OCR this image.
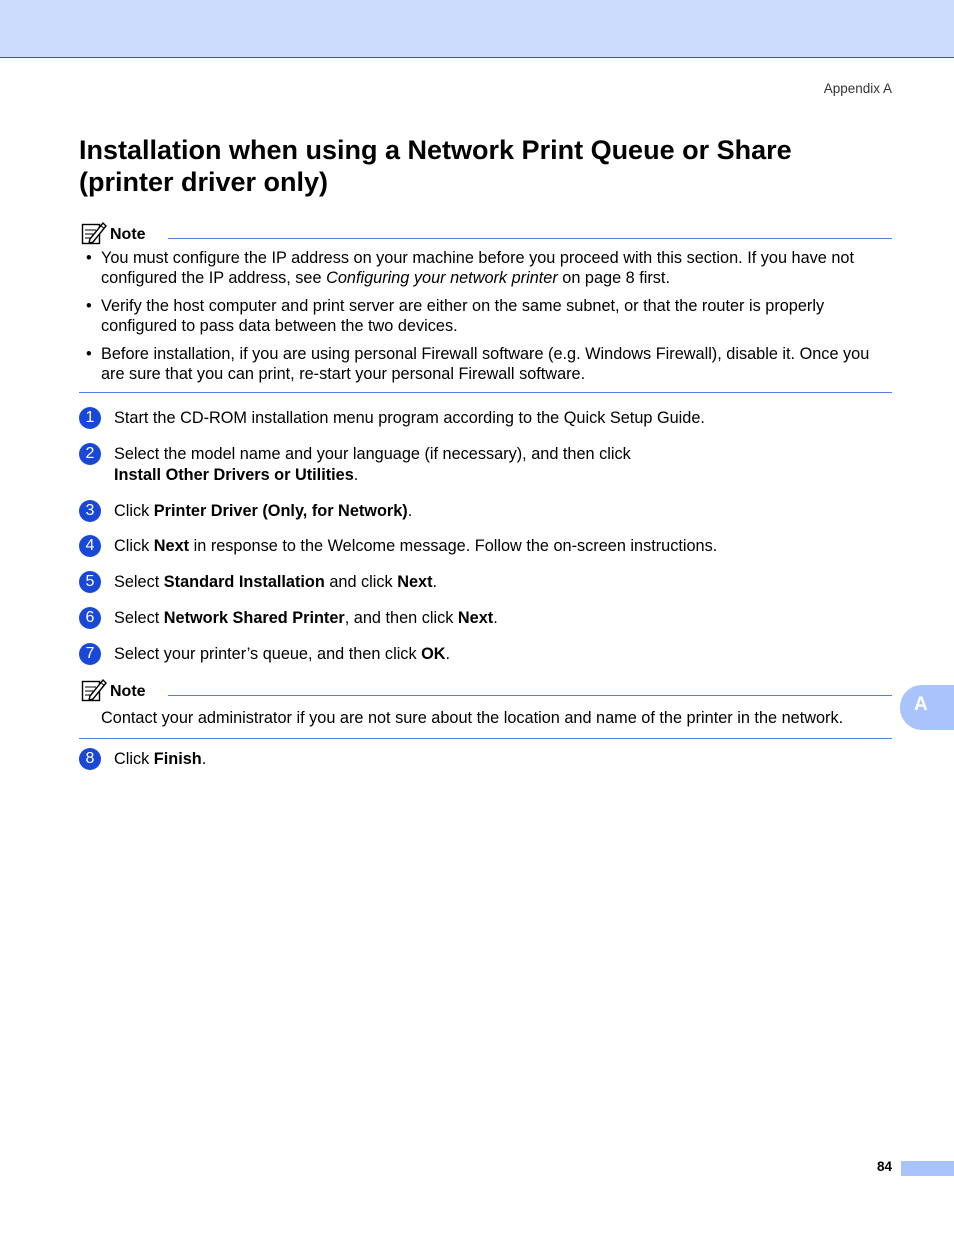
Appendix A
Installation when using a Network Print Queue or Share (printer driver only)
Note
• You must configure the IP address on your machine before you proceed with this section. If you have not configured the IP address, see Configuring your network printer on page 8 first.
• Verify the host computer and print server are either on the same subnet, or that the router is properly configured to pass data between the two devices.
• Before installation, if you are using personal Firewall software (e.g. Windows Firewall), disable it. Once you are sure that you can print, re-start your personal Firewall software.
1	Start the CD-ROM installation menu program according to the Quick Setup Guide.
2	Select the model name and your language (if necessary), and then click
Install Other Drivers or Utilities.
3	Click Printer Driver (Only, for Network).
4	Click Next in response to the Welcome message. Follow the on-screen instructions.
5	Select Standard Installation and click Next.
6	Select Network Shared Printer, and then click Next.
7	Select your printer’s queue, and then click OK.
8	Click Finish.
Note
Contact your administrator if you are not sure about the location and name of the printer in the network.
A
84
